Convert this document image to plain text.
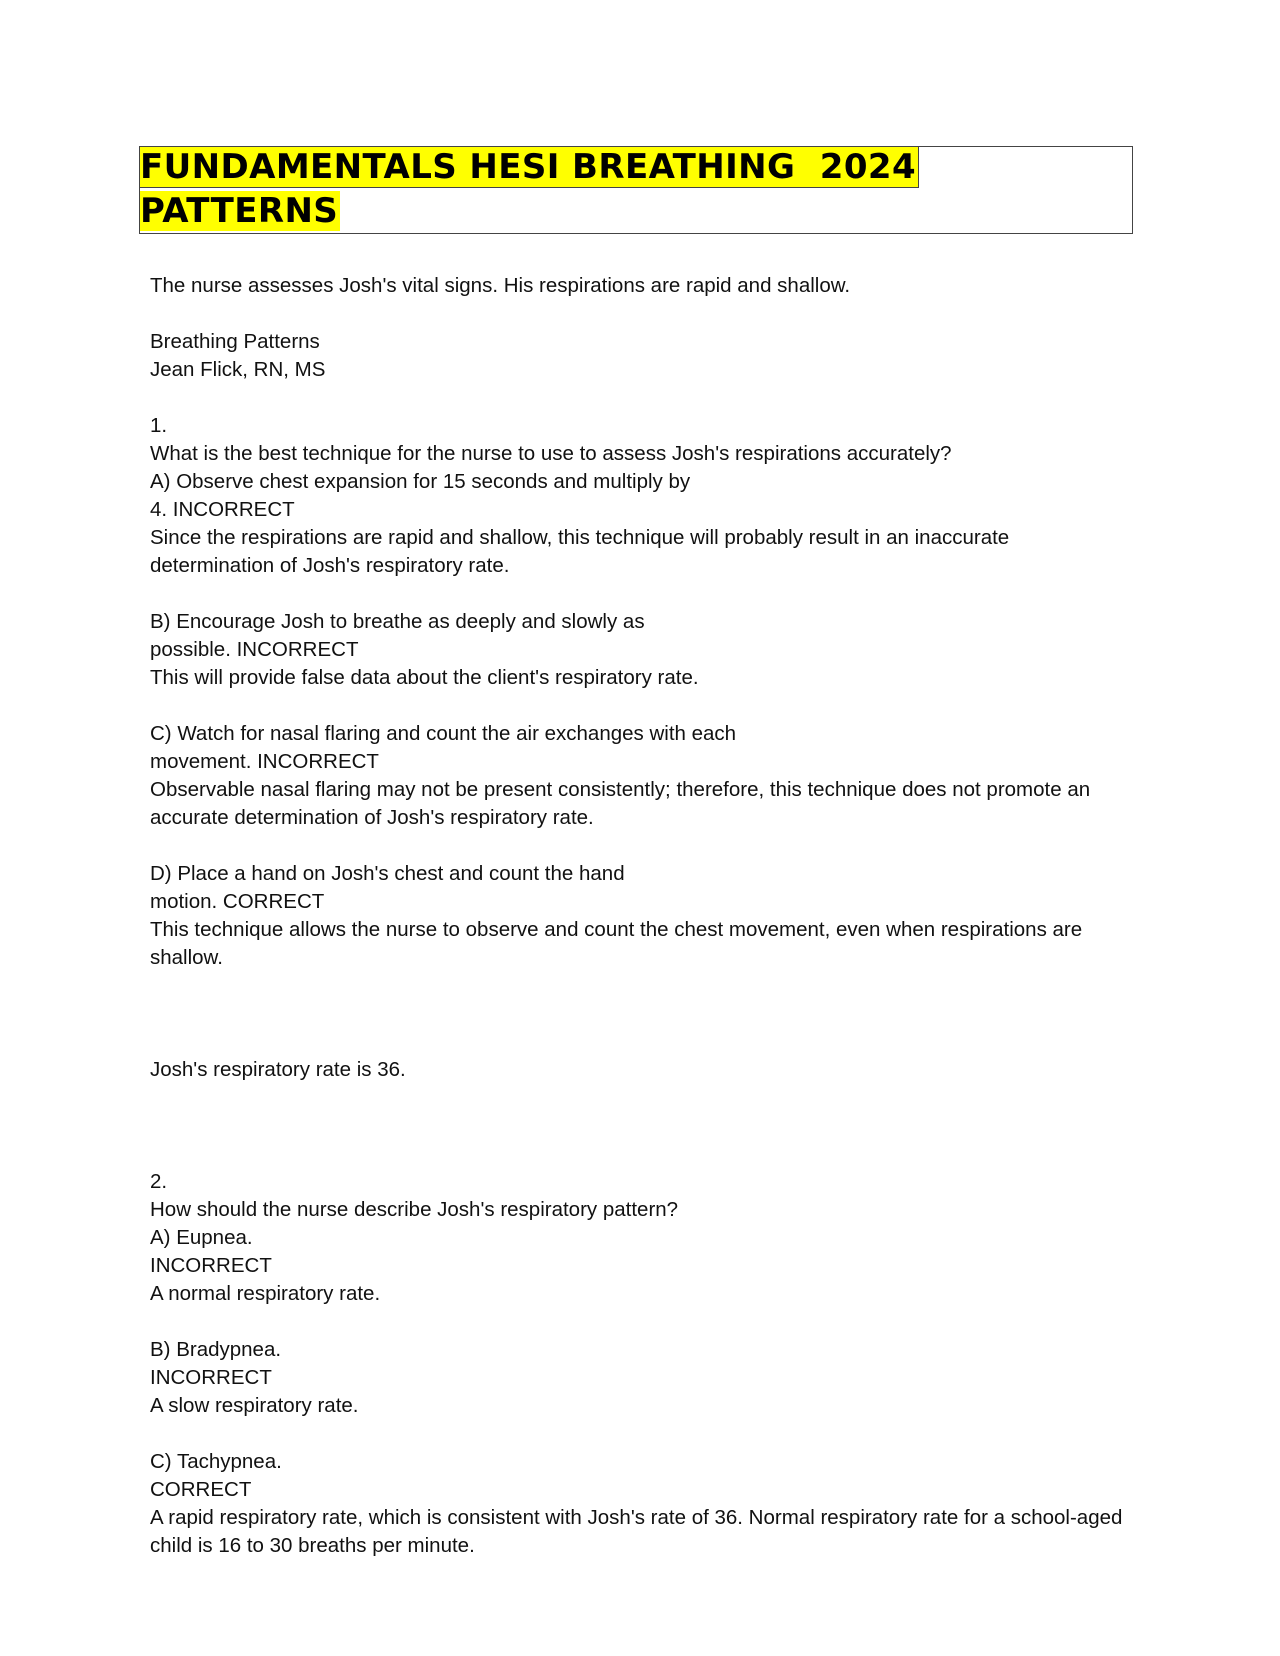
FUNDAMENTALS HESI BREATHING  2024
PATTERNS

The nurse assesses Josh's vital signs. His respirations are rapid and shallow.

Breathing Patterns

Jean Flick, RN, MS

1.

What is the best technique for the nurse to use to assess Josh's respirations accurately?

A) Observe chest expansion for 15 seconds and multiply by

4. INCORRECT

Since the respirations are rapid and shallow, this technique will probably result in an inaccurate determination of Josh's respiratory rate.

B) Encourage Josh to breathe as deeply and slowly as

possible. INCORRECT

This will provide false data about the client's respiratory rate.

C) Watch for nasal flaring and count the air exchanges with each

movement. INCORRECT

Observable nasal flaring may not be present consistently; therefore, this technique does not promote an accurate determination of Josh's respiratory rate.

D) Place a hand on Josh's chest and count the hand

motion. CORRECT

This technique allows the nurse to observe and count the chest movement, even when respirations are shallow.

Josh's respiratory rate is 36.

2.

How should the nurse describe Josh's respiratory pattern?

A) Eupnea.

INCORRECT

A normal respiratory rate.

B) Bradypnea.

INCORRECT

A slow respiratory rate.

C) Tachypnea.

CORRECT

A rapid respiratory rate, which is consistent with Josh's rate of 36. Normal respiratory rate for a school-aged child is 16 to 30 breaths per minute.
